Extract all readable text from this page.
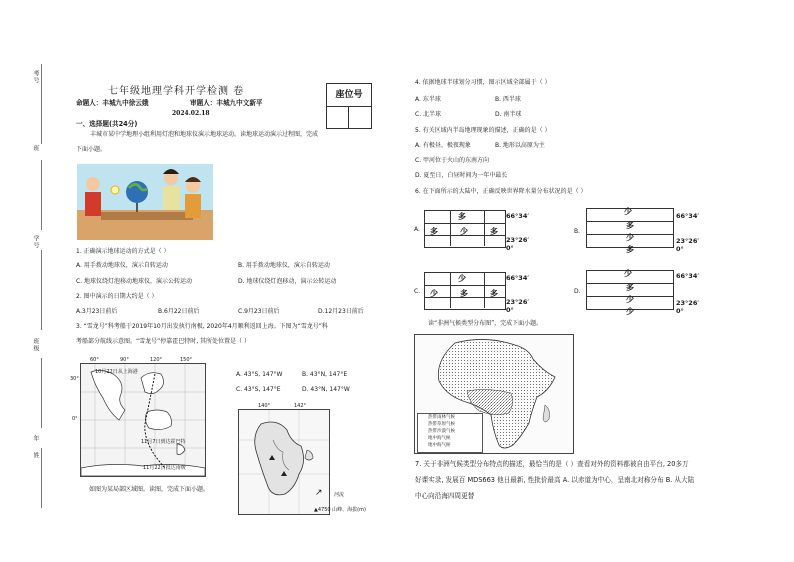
考号
班
学号
班级
年
姓
七年级地理学科开学检测 卷
命题人：丰城九中徐云娥	审题人：丰城九中文新平
2024.02.18
座位号
一、选择题(共24分)
丰城市某中学地理小组利用灯泡和地球仪演示地球运动。读地球运动演示过程图，完成
下面小题。
1. 正确演示地球运动的方式是（ ）
A. 用手拨动地球仪，演示自转运动	B. 用手拨动地球仪，演示自转运动
C. 地球仪绕灯泡移动地球仪，演示公转运动	D. 地球仪绕灯泡移动，演示公转运动
2. 图中演示的日期大约是（ ）
A.3月23日前后	B.6月22日前后	C.9月23日前后	D.12月23日前后
3. “雪龙号”科考船于2019年10月出发执行南极, 2020年4月顺利返回上海。下图为“雪龙号”科
考船部分航线示意图。“雪龙号”停靠霍巴特时, 其所处位置是（ ）
10月22日从上海港
11月7日到达霍巴特
11月22日抵达南极
60°	90°	120°	150°
30°
0°
A. 43°S, 147°W	B. 43°N, 147°E
C. 43°S, 147°E	D. 43°N, 147°W
140°	142°
↗ 河流
▲4750 山峰、海拔(m)
如图为某局部区域图。读图，完成下面小题。
4. 依据地球半球划分习惯，图示区域全部属于（ ）
A. 东半球	B. 西半球
C. 北半球	D. 南半球
5. 有关区域内半岛地理现象的描述，正确的是（ ）
A. 有极昼、极夜现象	B. 地形以高原为主
C. 甲河位于火山的东南方向
D. 夏至日，白昼时间为一年中最长
6. 在下面所示的大陆中，正确反映世界降水量分布状况的是（ ）
A.
多
多	少	多
66°34′
23°26′
0°
B.
少
多
少
多
66°34′
23°26′
0°
C.
少
少	多	多
66°34′
23°26′
0°
D.
少
多
少
少
66°34′
23°26′
0°
读“非洲气候类型分布图”，完成下面小题。
热带雨林气候
热带草原气候
热带沙漠气候
地中海气候
地中海气候
7. 关于非洲气候类型分布特点的描述，最恰当的是（ ）查看对外的资料都被自由平台, 20多万
好课实录, 发展百 MDS663 他日最新, 性批价最高 A. 以赤道为中心，呈南北对称分布 B. 从大陆
中心向沿海四周更替
